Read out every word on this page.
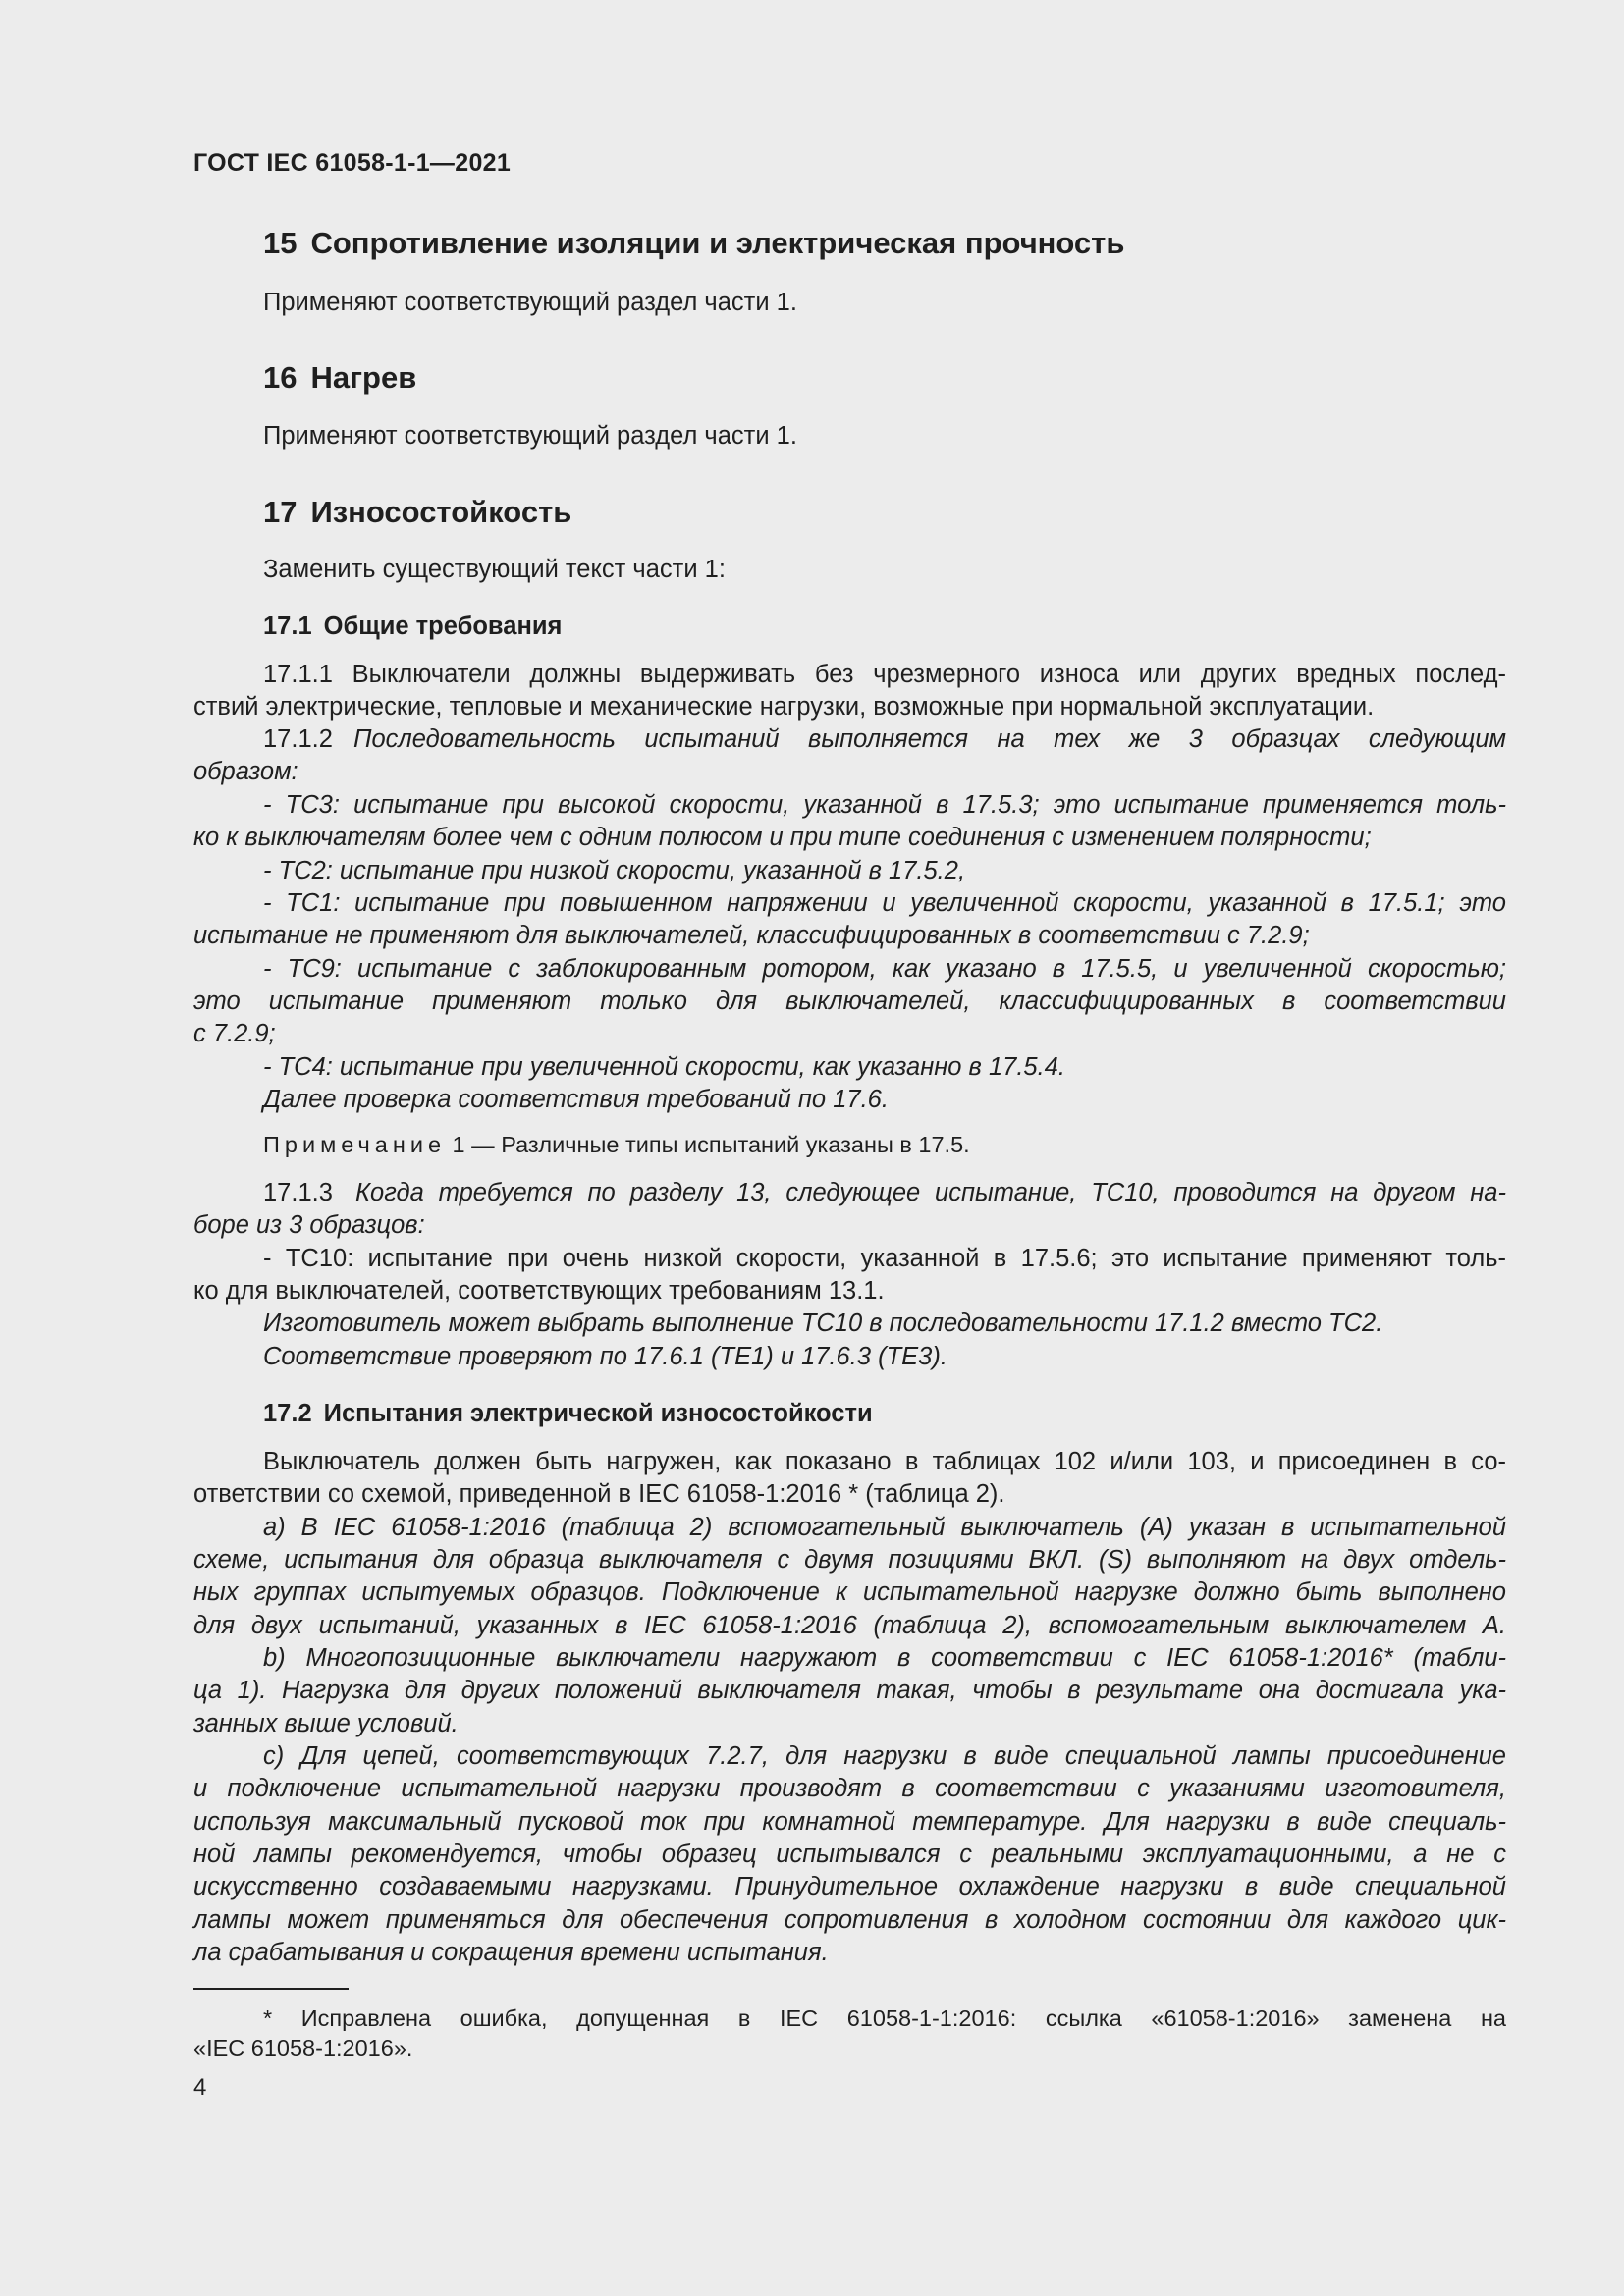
ГОСТ IEC 61058-1-1—2021
15 Сопротивление изоляции и электрическая прочность
Применяют соответствующий раздел части 1.
16 Нагрев
Применяют соответствующий раздел части 1.
17 Износостойкость
Заменить существующий текст части 1:
17.1 Общие требования
17.1.1 Выключатели должны выдерживать без чрезмерного износа или других вредных послед-
ствий электрические, тепловые и механические нагрузки, возможные при нормальной эксплуатации.
17.1.2 Последовательность испытаний выполняется на тех же 3 образцах следующим
образом:
- ТС3: испытание при высокой скорости, указанной в 17.5.3; это испытание применяется толь-
ко к выключателям более чем с одним полюсом и при типе соединения с изменением полярности;
- ТС2: испытание при низкой скорости, указанной в 17.5.2,
- ТС1: испытание при повышенном напряжении и увеличенной скорости, указанной в 17.5.1; это
испытание не применяют для выключателей, классифицированных в соответствии с 7.2.9;
- ТС9: испытание с заблокированным ротором, как указано в 17.5.5, и увеличенной скоростью;
это испытание применяют только для выключателей, классифицированных в соответствии
с 7.2.9;
- ТС4: испытание при увеличенной скорости, как указанно в 17.5.4.
Далее проверка соответствия требований по 17.6.
Примечание 1 — Различные типы испытаний указаны в 17.5.
17.1.3 Когда требуется по разделу 13, следующее испытание, ТС10, проводится на другом на-
боре из 3 образцов:
- ТС10: испытание при очень низкой скорости, указанной в 17.5.6; это испытание применяют толь-
ко для выключателей, соответствующих требованиям 13.1.
Изготовитель может выбрать выполнение ТС10 в последовательности 17.1.2 вместо ТС2.
Соответствие проверяют по 17.6.1 (ТЕ1) и 17.6.3 (ТЕ3).
17.2 Испытания электрической износостойкости
Выключатель должен быть нагружен, как показано в таблицах 102 и/или 103, и присоединен в со-
ответствии со схемой, приведенной в IEC 61058-1:2016 * (таблица 2).
a) В IEC 61058-1:2016 (таблица 2) вспомогательный выключатель (А) указан в испытательной
схеме, испытания для образца выключателя с двумя позициями ВКЛ. (S) выполняют на двух отдель-
ных группах испытуемых образцов. Подключение к испытательной нагрузке должно быть выполнено
для двух испытаний, указанных в IEC 61058-1:2016 (таблица 2), вспомогательным выключателем А.
b) Многопозиционные выключатели нагружают в соответствии с IEC 61058-1:2016* (табли-
ца 1). Нагрузка для других положений выключателя такая, чтобы в результате она достигала ука-
занных выше условий.
c) Для цепей, соответствующих 7.2.7, для нагрузки в виде специальной лампы присоединение
и подключение испытательной нагрузки производят в соответствии с указаниями изготовителя,
используя максимальный пусковой ток при комнатной температуре. Для нагрузки в виде специаль-
ной лампы рекомендуется, чтобы образец испытывался с реальными эксплуатационными, а не с
искусственно создаваемыми нагрузками. Принудительное охлаждение нагрузки в виде специальной
лампы может применяться для обеспечения сопротивления в холодном состоянии для каждого цик-
ла срабатывания и сокращения времени испытания.
* Исправлена ошибка, допущенная в IEC 61058-1-1:2016: ссылка «61058-1:2016» заменена на
«IEC 61058-1:2016».
4
